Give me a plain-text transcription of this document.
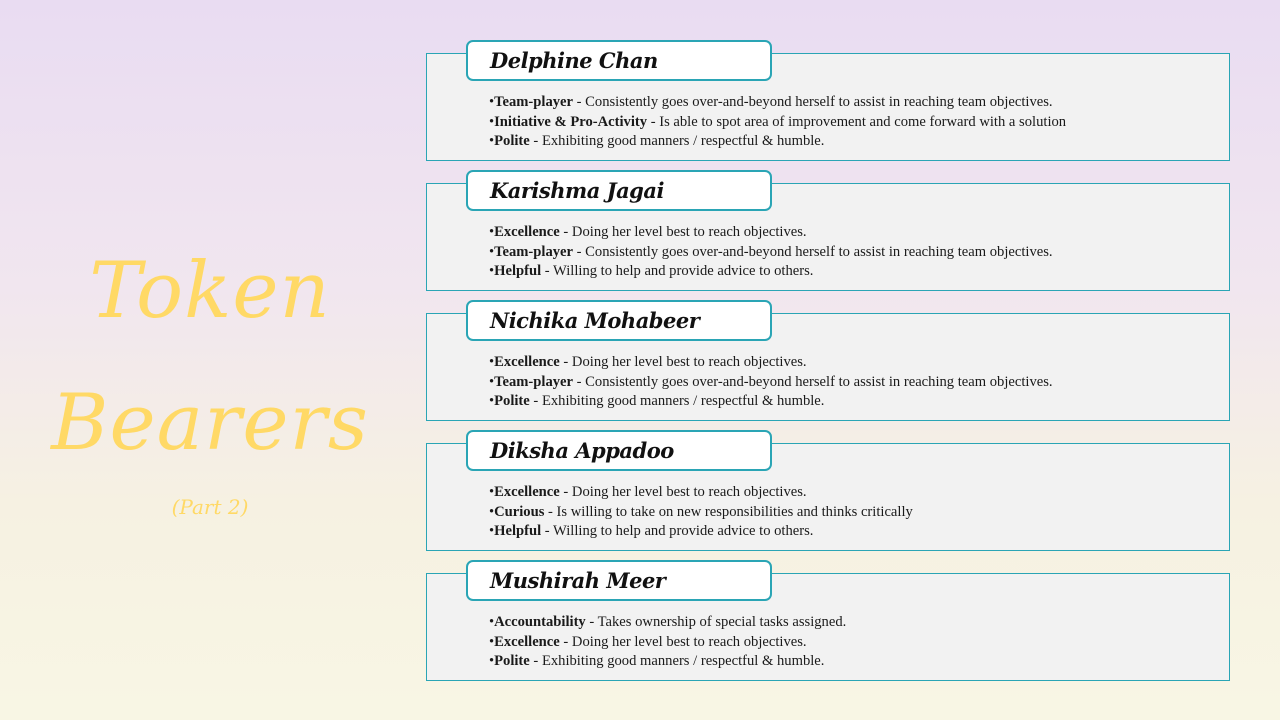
Token
Bearers
(Part 2)
Delphine Chan
•Team-player - Consistently goes over-and-beyond herself to assist in reaching team objectives.
•Initiative & Pro-Activity - Is able to spot area of improvement and come forward with a solution
•Polite - Exhibiting good manners / respectful & humble.
Karishma Jagai
•Excellence - Doing her level best to reach objectives.
•Team-player - Consistently goes over-and-beyond herself to assist in reaching team objectives.
•Helpful - Willing to help and provide advice to others.
Nichika Mohabeer
•Excellence - Doing her level best to reach objectives.
•Team-player - Consistently goes over-and-beyond herself to assist in reaching team objectives.
•Polite - Exhibiting good manners / respectful & humble.
Diksha Appadoo
•Excellence - Doing her level best to reach objectives.
•Curious - Is willing to take on new responsibilities and thinks critically
•Helpful - Willing to help and provide advice to others.
Mushirah Meer
•Accountability - Takes ownership of special tasks assigned.
•Excellence - Doing her level best to reach objectives.
•Polite - Exhibiting good manners / respectful & humble.
